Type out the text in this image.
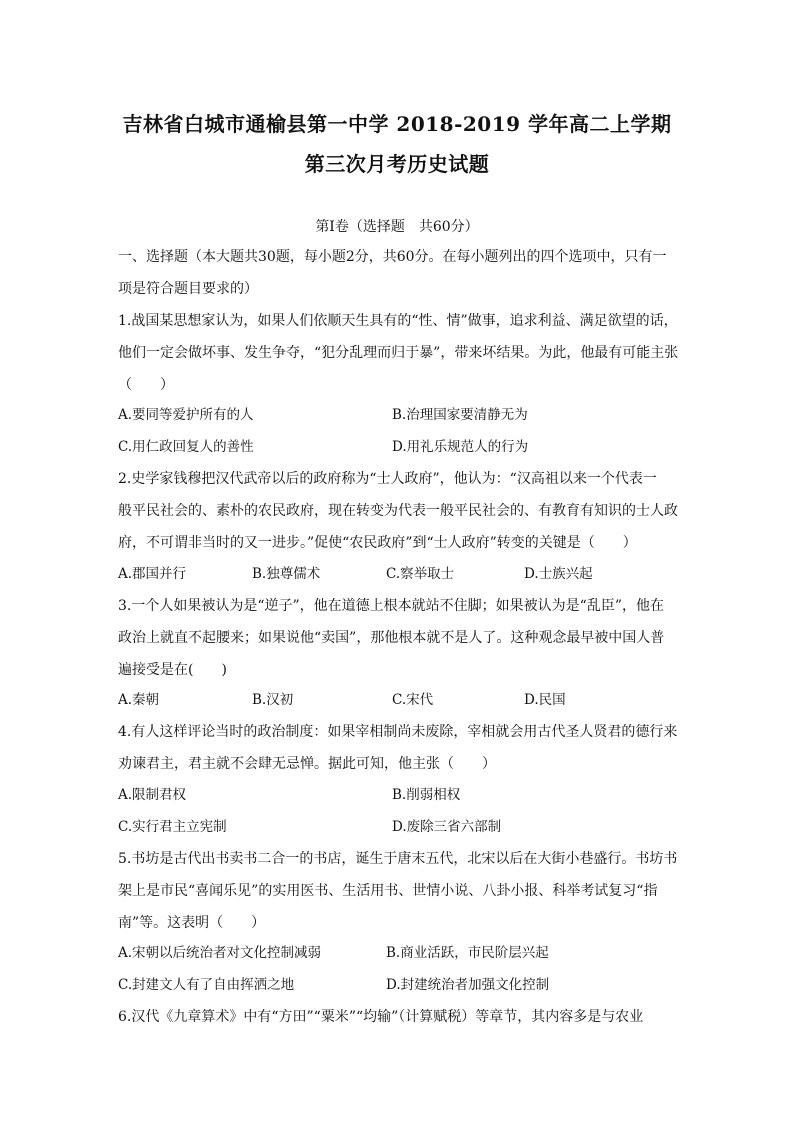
吉林省白城市通榆县第一中学 2018-2019 学年高二上学期
第三次月考历史试题
第Ⅰ卷（选择题　共60分）
一、选择题（本大题共30题，每小题2分，共60分。在每小题列出的四个选项中，只有一
项是符合题目要求的）
1.战国某思想家认为，如果人们依顺天生具有的“性、情”做事，追求利益、满足欲望的话，
他们一定会做坏事、发生争夺，“犯分乱理而归于暴”，带来坏结果。为此，他最有可能主张
（　　）
A.要同等爱护所有的人	B.治理国家要清静无为
C.用仁政回复人的善性	D.用礼乐规范人的行为
2.史学家钱穆把汉代武帝以后的政府称为“士人政府”，他认为：“汉高祖以来一个代表一
般平民社会的、素朴的农民政府，现在转变为代表一般平民社会的、有教育有知识的士人政
府，不可谓非当时的又一进步。”促使“农民政府”到“士人政府”转变的关键是（　　）
A.郡国并行	B.独尊儒术	C.察举取士	D.士族兴起
3.一个人如果被认为是“逆子”，他在道德上根本就站不住脚；如果被认为是“乱臣”，他在
政治上就直不起腰来；如果说他“卖国”，那他根本就不是人了。这种观念最早被中国人普
遍接受是在(　　)
A.秦朝	B.汉初	C.宋代	D.民国
4.有人这样评论当时的政治制度：如果宰相制尚未废除，宰相就会用古代圣人贤君的德行来
劝谏君主，君主就不会肆无忌惮。据此可知，他主张（　　）
A.限制君权	B.削弱相权
C.实行君主立宪制	D.废除三省六部制
5.书坊是古代出书卖书二合一的书店，诞生于唐末五代，北宋以后在大街小巷盛行。书坊书
架上是市民“喜闻乐见”的实用医书、生活用书、世情小说、八卦小报、科举考试复习“指
南”等。这表明（　　）
A.宋朝以后统治者对文化控制减弱	B.商业活跃，市民阶层兴起
C.封建文人有了自由挥洒之地	D.封建统治者加强文化控制
6.汉代《九章算术》中有“方田”“粟米”“均输”（计算赋税）等章节，其内容多是与农业
